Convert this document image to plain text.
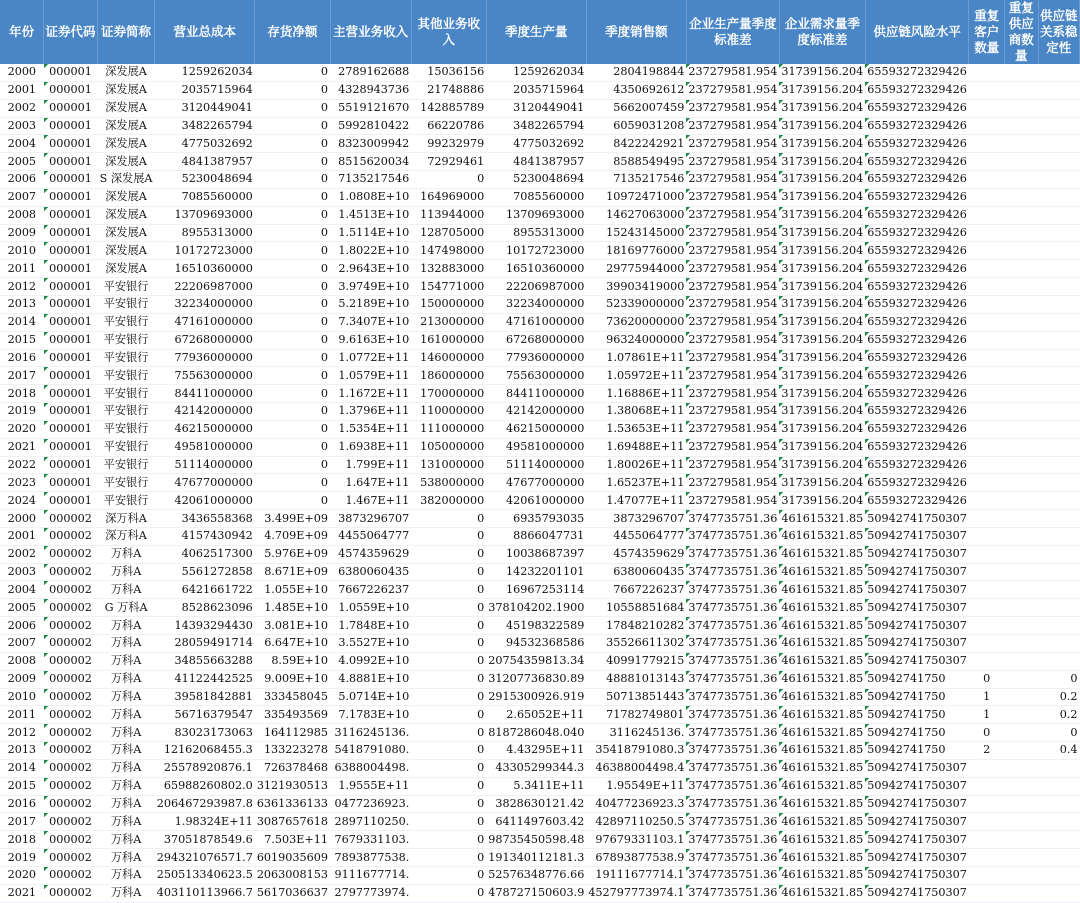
年份	证券代码	证券简称	营业总成本	存货净额	主营业务收入	其他业务收入	季度生产量	季度销售额	企业生产量季度标准差	企业需求量季度标准差	供应链风险水平	重复客户数量	重复供应商数量	供应链关系稳定性
2000	000001	深发展A	1259262034	0	2789162688	15036156	1259262034	2804198844	237279581.954	31739156.204	65593272329426			
2001	000001	深发展A	2035715964	0	4328943736	21748886	2035715964	4350692612	237279581.954	31739156.204	65593272329426			
2002	000001	深发展A	3120449041	0	5519121670	142885789	3120449041	5662007459	237279581.954	31739156.204	65593272329426			
2003	000001	深发展A	3482265794	0	5992810422	66220786	3482265794	6059031208	237279581.954	31739156.204	65593272329426			
2004	000001	深发展A	4775032692	0	8323009942	99232979	4775032692	8422242921	237279581.954	31739156.204	65593272329426			
2005	000001	深发展A	4841387957	0	8515620034	72929461	4841387957	8588549495	237279581.954	31739156.204	65593272329426			
2006	000001	S 深发展A	5230048694	0	7135217546	0	5230048694	7135217546	237279581.954	31739156.204	65593272329426			
2007	000001	深发展A	7085560000	0	1.0808E+10	164969000	7085560000	10972471000	237279581.954	31739156.204	65593272329426			
2008	000001	深发展A	13709693000	0	1.4513E+10	113944000	13709693000	14627063000	237279581.954	31739156.204	65593272329426			
2009	000001	深发展A	8955313000	0	1.5114E+10	128705000	8955313000	15243145000	237279581.954	31739156.204	65593272329426			
2010	000001	深发展A	10172723000	0	1.8022E+10	147498000	10172723000	18169776000	237279581.954	31739156.204	65593272329426			
2011	000001	深发展A	16510360000	0	2.9643E+10	132883000	16510360000	29775944000	237279581.954	31739156.204	65593272329426			
2012	000001	平安银行	22206987000	0	3.9749E+10	154771000	22206987000	39903419000	237279581.954	31739156.204	65593272329426			
2013	000001	平安银行	32234000000	0	5.2189E+10	150000000	32234000000	52339000000	237279581.954	31739156.204	65593272329426			
2014	000001	平安银行	47161000000	0	7.3407E+10	213000000	47161000000	73620000000	237279581.954	31739156.204	65593272329426			
2015	000001	平安银行	67268000000	0	9.6163E+10	161000000	67268000000	96324000000	237279581.954	31739156.204	65593272329426			
2016	000001	平安银行	77936000000	0	1.0772E+11	146000000	77936000000	1.07861E+11	237279581.954	31739156.204	65593272329426			
2017	000001	平安银行	75563000000	0	1.0579E+11	186000000	75563000000	1.05972E+11	237279581.954	31739156.204	65593272329426			
2018	000001	平安银行	84411000000	0	1.1672E+11	170000000	84411000000	1.16886E+11	237279581.954	31739156.204	65593272329426			
2019	000001	平安银行	42142000000	0	1.3796E+11	110000000	42142000000	1.38068E+11	237279581.954	31739156.204	65593272329426			
2020	000001	平安银行	46215000000	0	1.5354E+11	111000000	46215000000	1.53653E+11	237279581.954	31739156.204	65593272329426			
2021	000001	平安银行	49581000000	0	1.6938E+11	105000000	49581000000	1.69488E+11	237279581.954	31739156.204	65593272329426			
2022	000001	平安银行	51114000000	0	1.799E+11	131000000	51114000000	1.80026E+11	237279581.954	31739156.204	65593272329426			
2023	000001	平安银行	47677000000	0	1.647E+11	538000000	47677000000	1.65237E+11	237279581.954	31739156.204	65593272329426			
2024	000001	平安银行	42061000000	0	1.467E+11	382000000	42061000000	1.47077E+11	237279581.954	31739156.204	65593272329426			
2000	000002	深万科A	3436558368	3.499E+09	3873296707	0	6935793035	3873296707	3747735751.36	461615321.85	50942741750307			
2001	000002	深万科A	4157430942	4.709E+09	4455064777	0	8866047731	4455064777	3747735751.36	461615321.85	50942741750307			
2002	000002	万科A	4062517300	5.976E+09	4574359629	0	10038687397	4574359629	3747735751.36	461615321.85	50942741750307			
2003	000002	万科A	5561272858	8.671E+09	6380060435	0	14232201101	6380060435	3747735751.36	461615321.85	50942741750307			
2004	000002	万科A	6421661722	1.055E+10	7667226237	0	16967253114	7667226237	3747735751.36	461615321.85	50942741750307			
2005	000002	G 万科A	8528623096	1.485E+10	1.0559E+10	0	378104202.1900	10558851684	3747735751.36	461615321.85	50942741750307			
2006	000002	万科A	14393294430	3.081E+10	1.7848E+10	0	45198322589	17848210282	3747735751.36	461615321.85	50942741750307			
2007	000002	万科A	28059491714	6.647E+10	3.5527E+10	0	94532368586	35526611302	3747735751.36	461615321.85	50942741750307			
2008	000002	万科A	34855663288	8.59E+10	4.0992E+10	0	20754359813.34	40991779215	3747735751.36	461615321.85	50942741750307			
2009	000002	万科A	41122442525	9.009E+10	4.8881E+10	0	31207736830.89	48881013143	3747735751.36	461615321.85	50942741750	0		0
2010	000002	万科A	39581842881	333458045	5.0714E+10	0	2915300926.919	50713851443	3747735751.36	461615321.85	50942741750	1		0.2
2011	000002	万科A	56716379547	335493569	7.1783E+10	0	2.65052E+11	71782749801	3747735751.36	461615321.85	50942741750	1		0.2
2012	000002	万科A	83023173063	164112985	3116245136.	0	8187286048.040	3116245136.	3747735751.36	461615321.85	50942741750	0		0
2013	000002	万科A	12162068455.3	133223278	5418791080.	0	4.43295E+11	35418791080.3	3747735751.36	461615321.85	50942741750	2		0.4
2014	000002	万科A	25578920876.1	726378468	6388004498.	0	43305299344.3	46388004498.4	3747735751.36	461615321.85	50942741750307			
2015	000002	万科A	65988260802.0	3121930513	1.9555E+11	0	5.3411E+11	1.95549E+11	3747735751.36	461615321.85	50942741750307			
2016	000002	万科A	206467293987.8	6361336133	0477236923.	0	3828630121.42	40477236923.3	3747735751.36	461615321.85	50942741750307			
2017	000002	万科A	1.98324E+11	3087657618	2897110250.	0	6411497603.42	42897110250.5	3747735751.36	461615321.85	50942741750307			
2018	000002	万科A	37051878549.6	7.503E+11	7679331103.	0	98735450598.48	97679331103.1	3747735751.36	461615321.85	50942741750307			
2019	000002	万科A	294321076571.7	6019035609	7893877538.	0	191340112181.3	67893877538.9	3747735751.36	461615321.85	50942741750307			
2020	000002	万科A	250513340623.5	2063008153	9111677714.	0	52576348776.66	19111677714.1	3747735751.36	461615321.85	50942741750307			
2021	000002	万科A	403110113966.7	5617036637	2797773974.	0	478727150603.9	452797773974.1	3747735751.36	461615321.85	50942741750307			
